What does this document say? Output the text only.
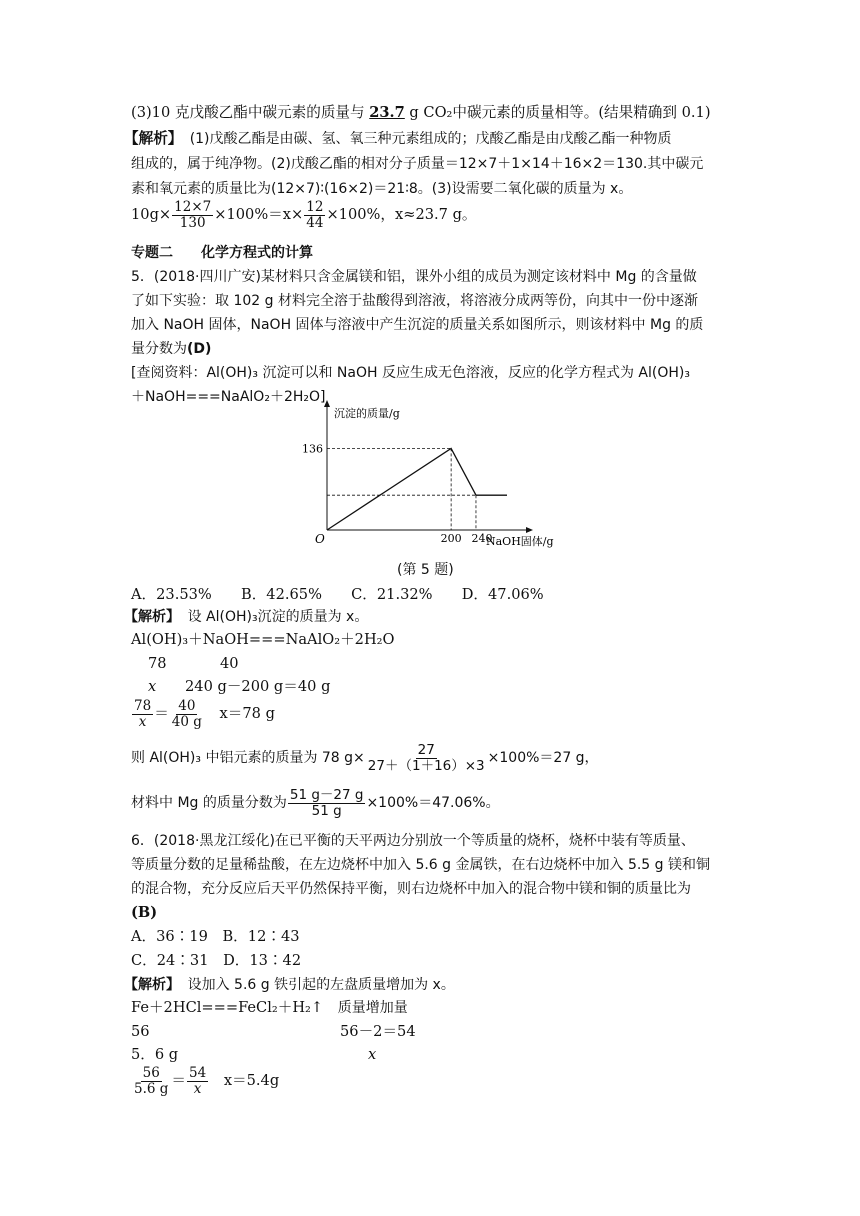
(3)10 克戊酸乙酯中碳元素的质量与 23.7 g CO₂中碳元素的质量相等。(结果精确到 0.1)

【解析】　 (1)戊酸乙酯是由碳、氢、氧三种元素组成的；戊酸乙酯是由戊酸乙酯一种物质

组成的，属于纯净物。(2)戊酸乙酯的相对分子质量＝12×7＋1×14＋16×2＝130.其中碳元

素和氧元素的质量比为(12×7)∶(16×2)＝21∶8。(3)设需要二氧化碳的质量为 x。

$10g\times \frac{12\times 7}{130} \times 100\%=x\times \frac{12}{44} \times 100\%$，x≈23.7 g。

专题二　　 化学方程式的计算

5．(2018·四川广安)某材料只含金属镁和铝，课外小组的成员为测定该材料中 Mg 的含量做

了如下实验：取 102 g 材料完全溶于盐酸得到溶液，将溶液分成两等份，向其中一份中逐渐

加入 NaOH 固体，NaOH 固体与溶液中产生沉淀的质量关系如图所示，则该材料中 Mg 的质

量分数为(D)

[查阅资料：Al(OH)₃ 沉淀可以和 NaOH 反应生成无色溶液，反应的化学方程式为 Al(OH)₃

＋NaOH===NaAlO₂＋2H₂O]

沉淀的质量/g
NaOH固体/g
O
136
200 240

(第 5 题)

A．23.53%　　B．42.65%　　C．21.32%　　D．47.06%

【解析】　 设 Al(OH)₃沉淀的质量为 x。

Al(OH)₃＋NaOH===NaAlO₂＋2H₂O

78	40

x 240 g－200 g＝40 g

$\frac{78}{x} = \frac{40}{40 g}$
　 x＝78 g

则 Al(OH)₃ 中铝元素的质量为 78 $g\times \frac{27}{27+(1+16)\times 3} \times 100\%=27$ g，

材料中 Mg 的质量分数为 $\frac{51 g-27 g}{51 g} \times 100\%=47.06\%$。

6．(2018·黑龙江绥化)在已平衡的天平两边分别放一个等质量的烧杯，烧杯中装有等质量、

等质量分数的足量稀盐酸，在左边烧杯中加入 5.6 g 金属铁，在右边烧杯中加入 5.5 g 镁和铜

的混合物，充分反应后天平仍然保持平衡，则右边烧杯中加入的混合物中镁和铜的质量比为

(B)

A．36∶19　B．12∶43

C．24∶31　D．13∶42

【解析】　 设加入 5.6 g 铁引起的左盘质量增加为 x。

Fe＋2HCl===FeCl₂＋H₂↑　 质量增加量

56	56－2＝54

5．6 g	x

$\frac{56}{5.6 g} = \frac{54}{x}$
　 x＝5.4g
